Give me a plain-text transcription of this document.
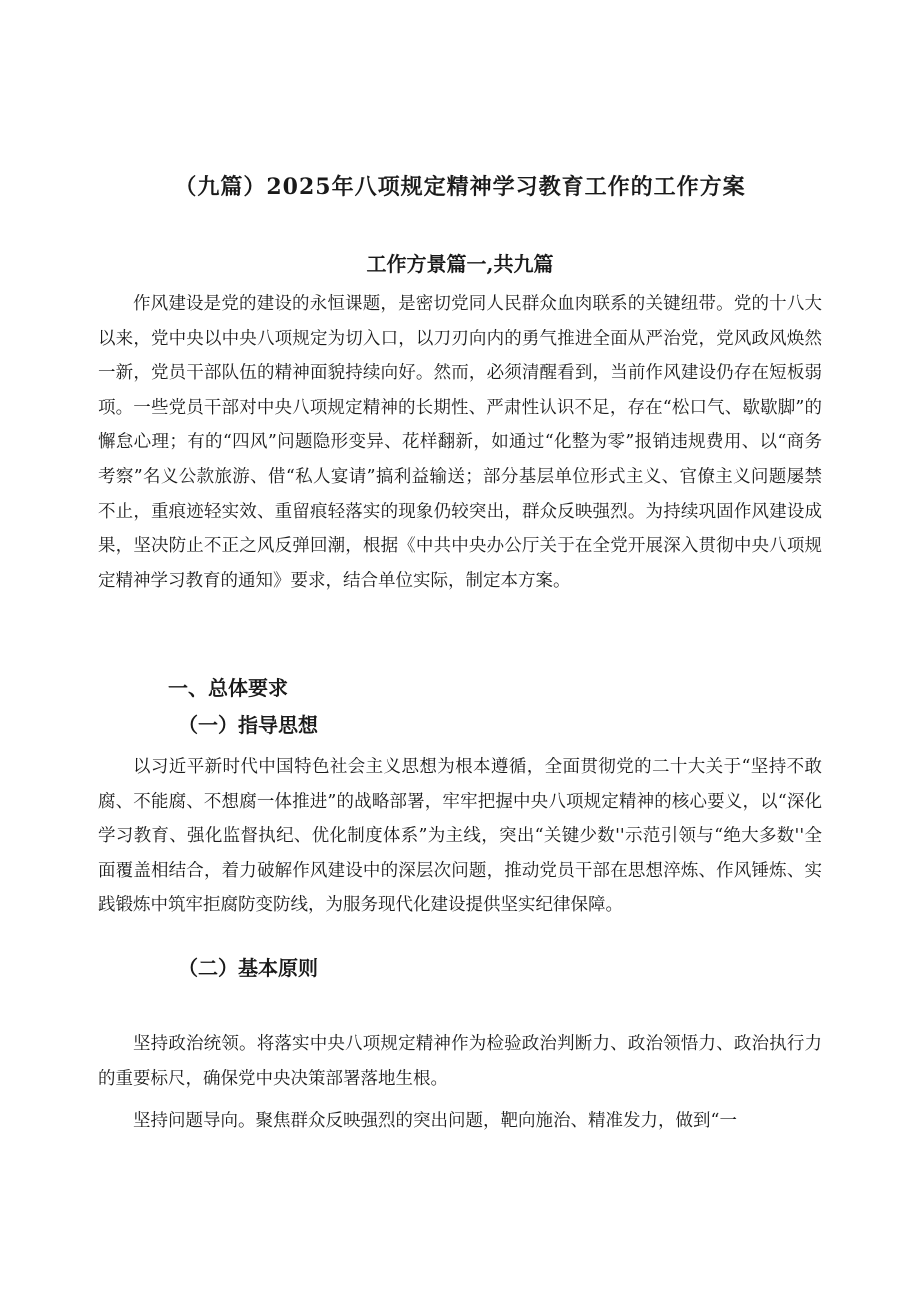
（九篇）2025年八项规定精神学习教育工作的工作方案
工作方景篇一,共九篇
作风建设是党的建设的永恒课题，是密切党同人民群众血肉联系的关键纽带。党的十八大以来，党中央以中央八项规定为切入口，以刀刃向内的勇气推进全面从严治党，党风政风焕然一新，党员干部队伍的精神面貌持续向好。然而，必须清醒看到，当前作风建设仍存在短板弱项。一些党员干部对中央八项规定精神的长期性、严肃性认识不足，存在“松口气、歇歇脚”的懈怠心理；有的“四风”问题隐形变异、花样翻新，如通过“化整为零”报销违规费用、以“商务考察”名义公款旅游、借“私人宴请”搞利益输送；部分基层单位形式主义、官僚主义问题屡禁不止，重痕迹轻实效、重留痕轻落实的现象仍较突出，群众反映强烈。为持续巩固作风建设成果，坚决防止不正之风反弹回潮，根据《中共中央办公厅关于在全党开展深入贯彻中央八项规定精神学习教育的通知》要求，结合单位实际，制定本方案。
一、总体要求
（一）指导思想
以习近平新时代中国特色社会主义思想为根本遵循，全面贯彻党的二十大关于“坚持不敢腐、不能腐、不想腐一体推进”的战略部署，牢牢把握中央八项规定精神的核心要义，以“深化学习教育、强化监督执纪、优化制度体系”为主线，突出“关键少数''示范引领与“绝大多数''全面覆盖相结合，着力破解作风建设中的深层次问题，推动党员干部在思想淬炼、作风锤炼、实践锻炼中筑牢拒腐防变防线，为服务现代化建设提供坚实纪律保障。
（二）基本原则
坚持政治统领。将落实中央八项规定精神作为检验政治判断力、政治领悟力、政治执行力的重要标尺，确保党中央决策部署落地生根。
坚持问题导向。聚焦群众反映强烈的突出问题，靶向施治、精准发力，做到“一
